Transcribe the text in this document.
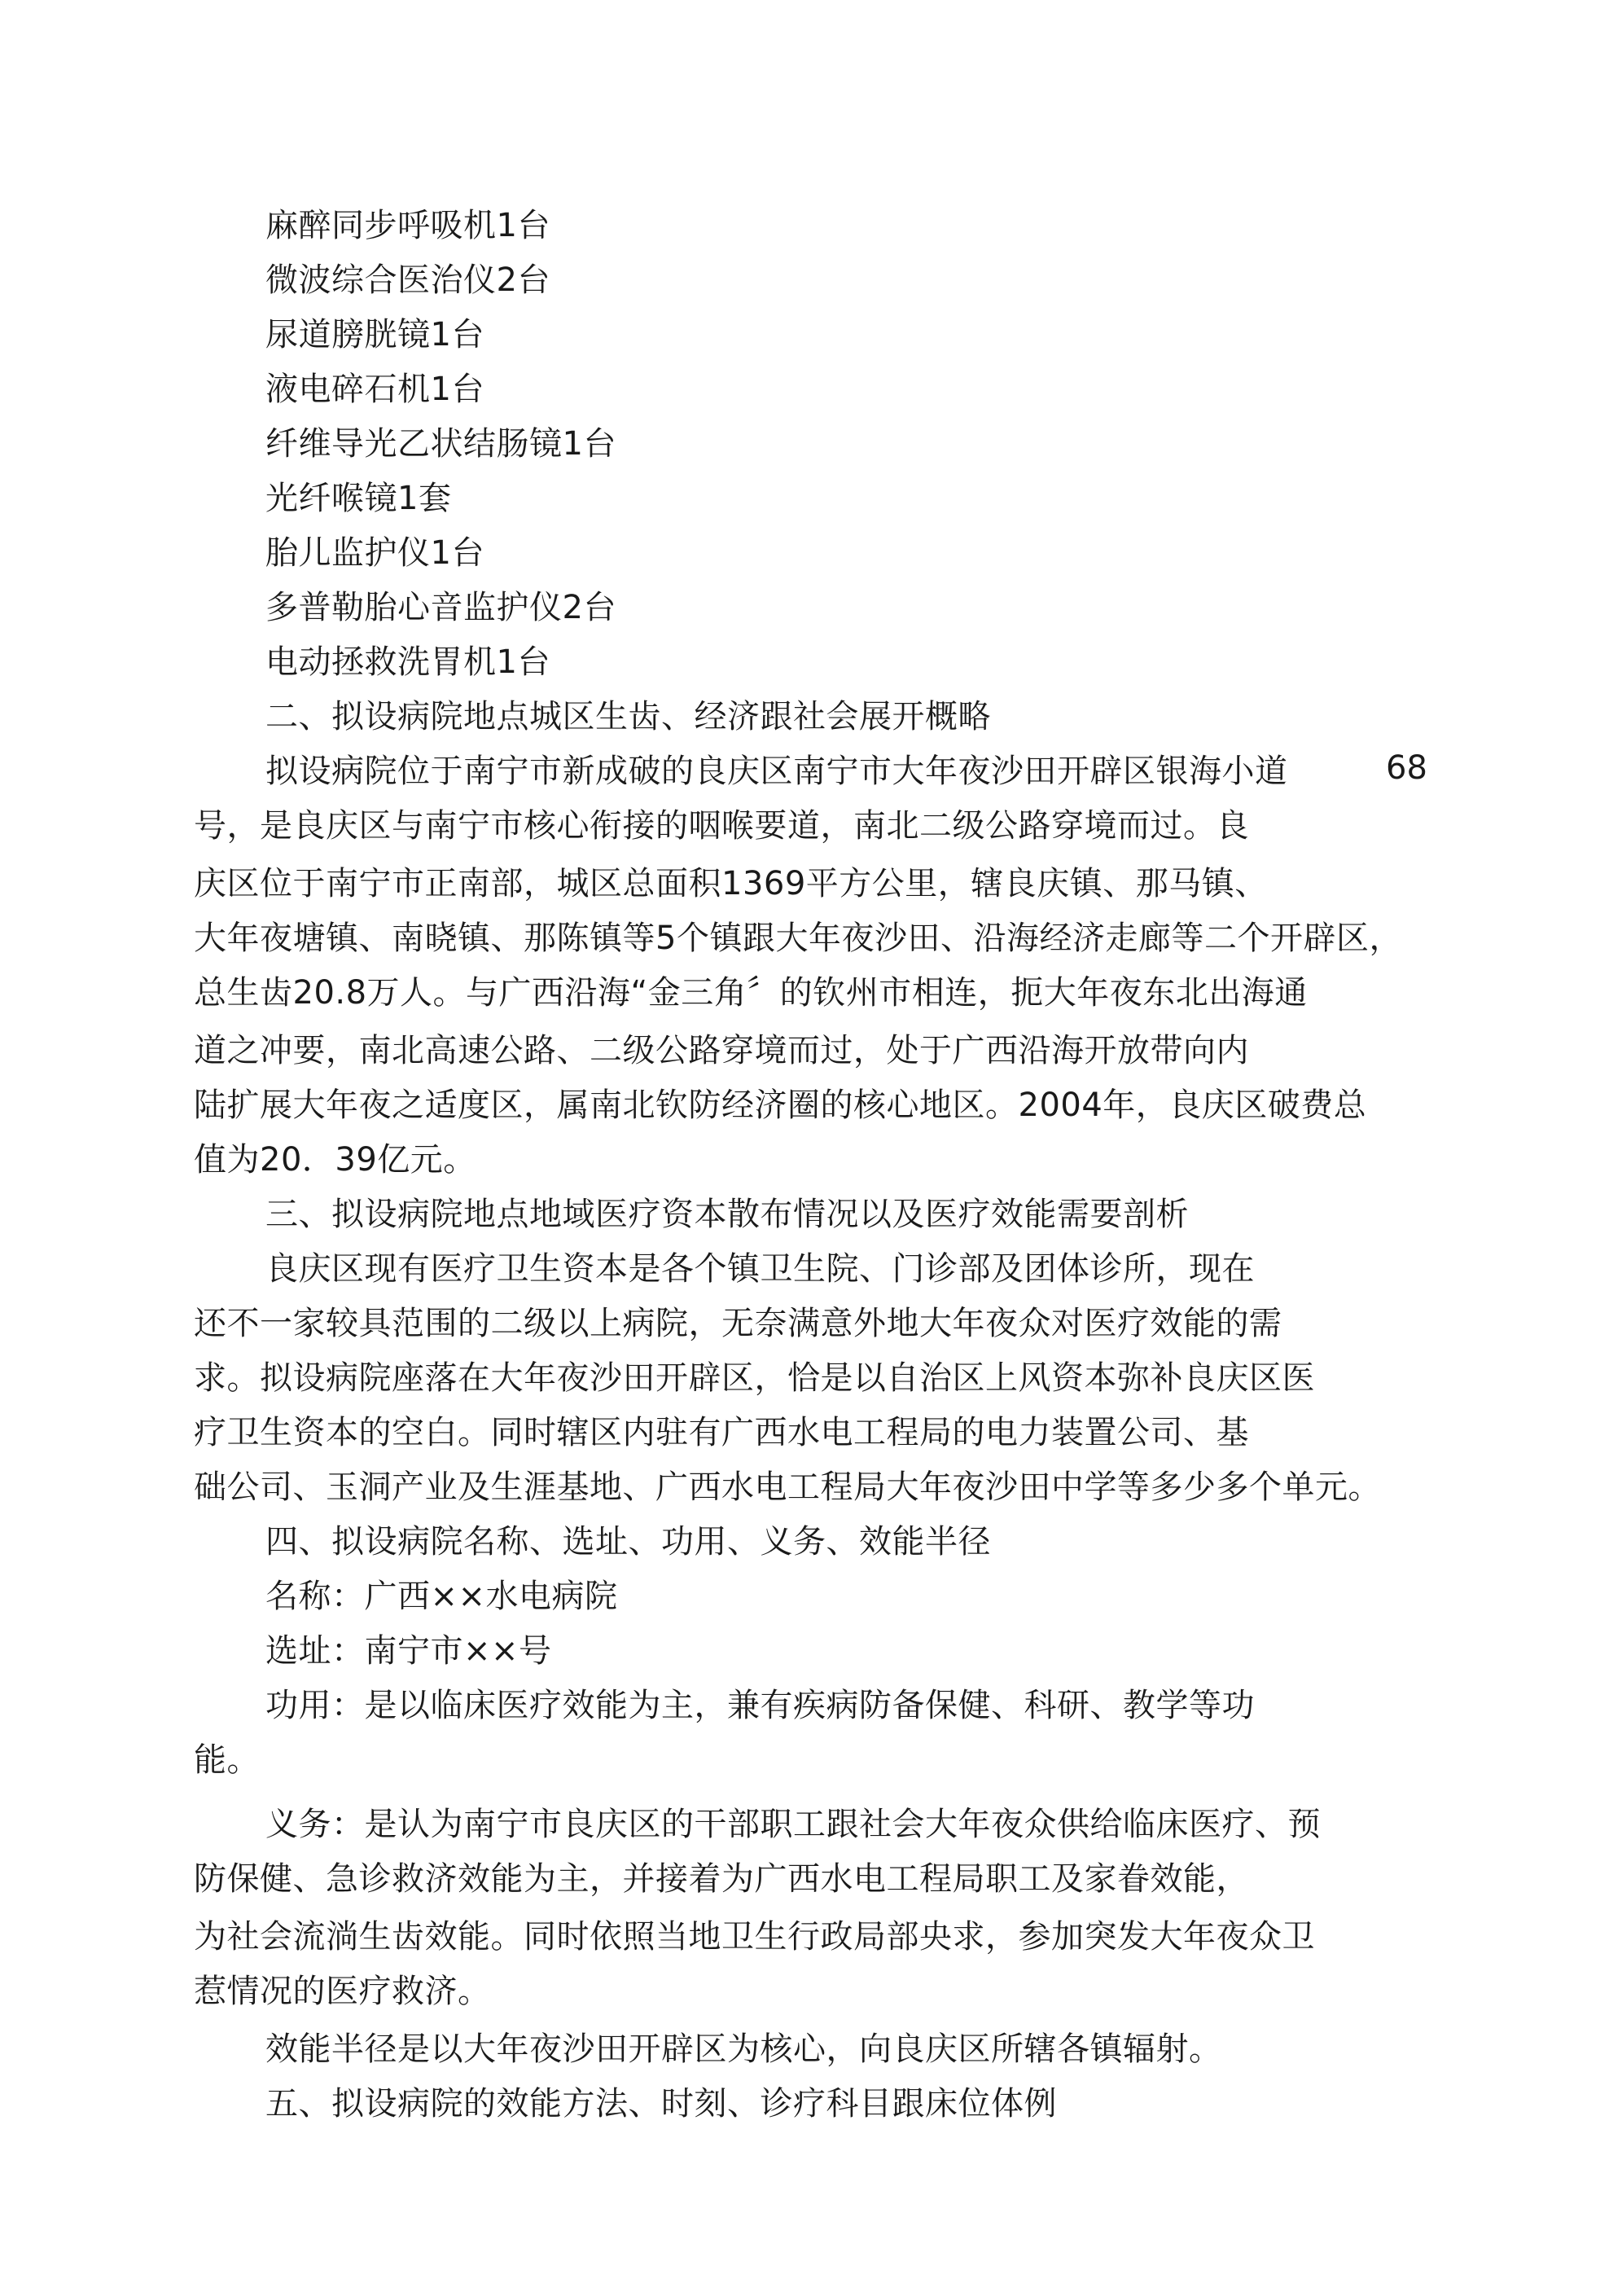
麻醉同步呼吸机1台
微波综合医治仪2台
尿道膀胱镜1台
液电碎石机1台
纤维导光乙状结肠镜1台
光纤喉镜1套
胎儿监护仪1台
多普勒胎心音监护仪2台
电动拯救洗胃机1台
二、拟设病院地点城区生齿、经济跟社会展开概略
拟设病院位于南宁市新成破的良庆区南宁市大年夜沙田开辟区银海小道	68
号，是良庆区与南宁市核心衔接的咽喉要道，南北二级公路穿境而过。良
庆区位于南宁市正南部，城区总面积1369平方公里，辖良庆镇、那马镇、
大年夜塘镇、南晓镇、那陈镇等5个镇跟大年夜沙田、沿海经济走廊等二个开辟区，
总生齿20.8万人。与广西沿海“金三角〞的钦州市相连，扼大年夜东北出海通
道之冲要，南北高速公路、二级公路穿境而过，处于广西沿海开放带向内
陆扩展大年夜之适度区，属南北钦防经济圈的核心地区。2004年，良庆区破费总
值为20．39亿元。
三、拟设病院地点地域医疗资本散布情况以及医疗效能需要剖析
良庆区现有医疗卫生资本是各个镇卫生院、门诊部及团体诊所，现在
还不一家较具范围的二级以上病院，无奈满意外地大年夜众对医疗效能的需
求。拟设病院座落在大年夜沙田开辟区，恰是以自治区上风资本弥补良庆区医
疗卫生资本的空白。同时辖区内驻有广西水电工程局的电力装置公司、基
础公司、玉洞产业及生涯基地、广西水电工程局大年夜沙田中学等多少多个单元。
四、拟设病院名称、选址、功用、义务、效能半径
名称：广西××水电病院
选址：南宁市××号
功用：是以临床医疗效能为主，兼有疾病防备保健、科研、教学等功
能。
义务：是认为南宁市良庆区的干部职工跟社会大年夜众供给临床医疗、预
防保健、急诊救济效能为主，并接着为广西水电工程局职工及家眷效能，
为社会流淌生齿效能。同时依照当地卫生行政局部央求，参加突发大年夜众卫
惹情况的医疗救济。
效能半径是以大年夜沙田开辟区为核心，向良庆区所辖各镇辐射。
五、拟设病院的效能方法、时刻、诊疗科目跟床位体例
